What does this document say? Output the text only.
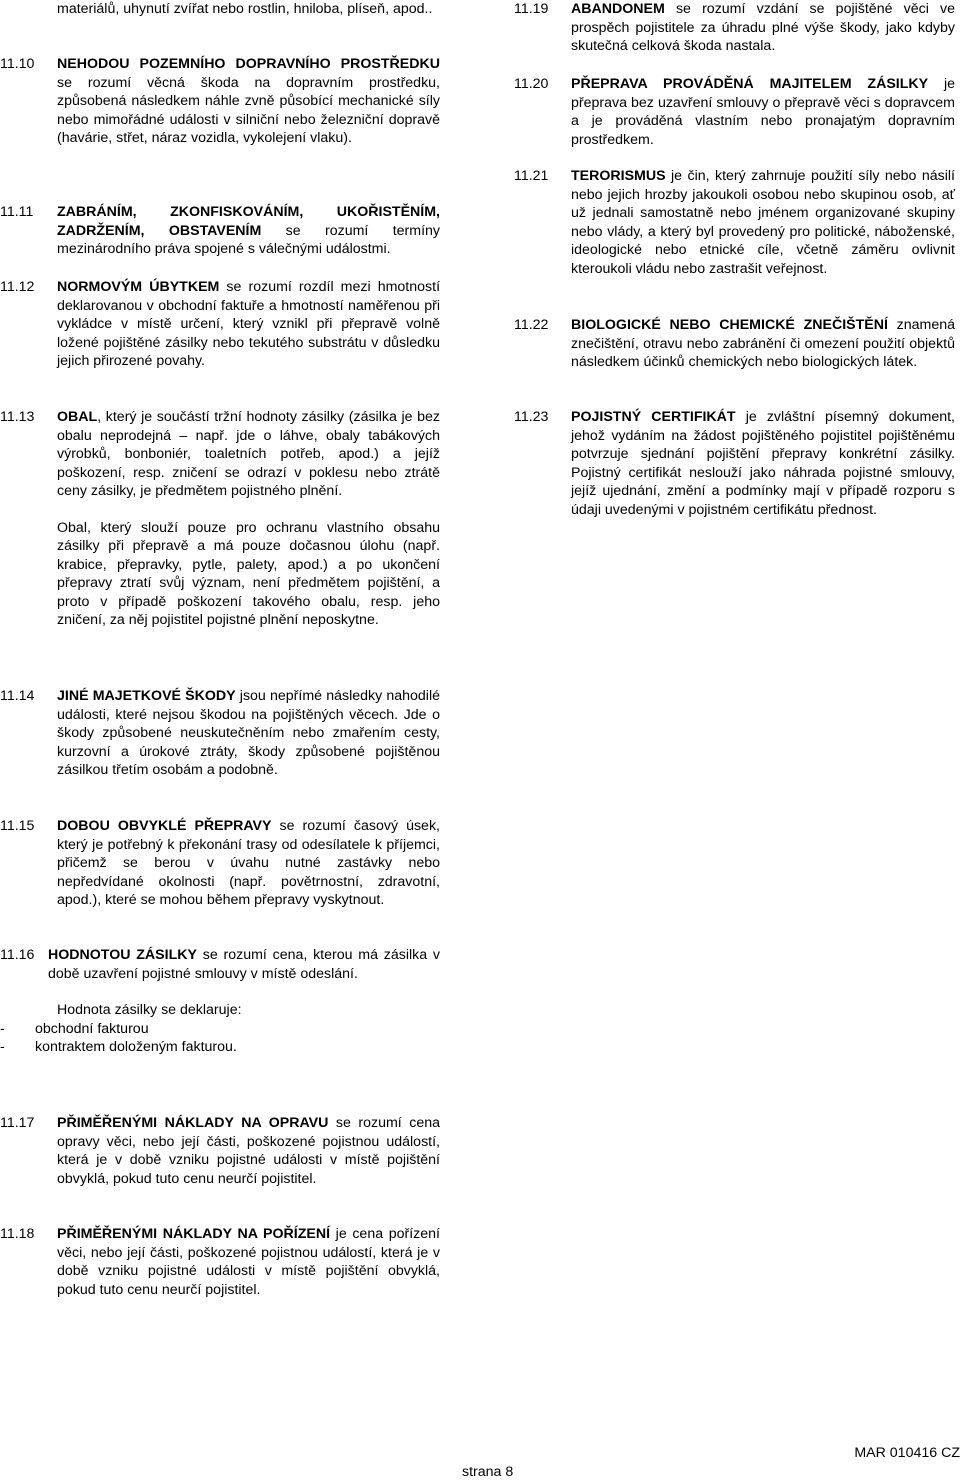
materiálů, uhynutí zvířat nebo rostlin, hniloba, plíseň, apod..
11.10 NEHODOU POZEMNÍHO DOPRAVNÍHO PROSTŘEDKU se rozumí věcná škoda na dopravním prostředku, způsobená následkem náhle zvně působící mechanické síly nebo mimořádné události v silniční nebo železniční dopravě (havárie, střet, náraz vozidla, vykolejení vlaku).
11.11 ZABRÁNÍM, ZKONFISKOVÁNÍM, UKOŘISTĚNÍM, ZADRŽENÍM, OBSTAVENÍM se rozumí termíny mezinárodního práva spojené s válečnými událostmi.
11.12 NORMOVÝM ÚBYTKEM se rozumí rozdíl mezi hmotností deklarovanou v obchodní faktuře a hmotností naměřenou při vykládce v místě určení, který vznikl při přepravě volně ložené pojištěné zásilky nebo tekutého substrátu v důsledku jejich přirozené povahy.
11.13 OBAL, který je součástí tržní hodnoty zásilky (zásilka je bez obalu neprodejná – např. jde o láhve, obaly tabákových výrobků, bonboniér, toaletních potřeb, apod.) a jejíž poškození, resp. zničení se odrazí v poklesu nebo ztrátě ceny zásilky, je předmětem pojistného plnění.
Obal, který slouží pouze pro ochranu vlastního obsahu zásilky při přepravě a má pouze dočasnou úlohu (např. krabice, přepravky, pytle, palety, apod.) a po ukončení přepravy ztratí svůj význam, není předmětem pojištění, a proto v případě poškození takového obalu, resp. jeho zničení, za něj pojistitel pojistné plnění neposkytne.
11.14 JINÉ MAJETKOVÉ ŠKODY jsou nepřímé následky nahodilé události, které nejsou škodou na pojištěných věcech. Jde o škody způsobené neuskutečněním nebo zmařením cesty, kurzovní a úrokové ztráty, škody způsobené pojištěnou zásilkou třetím osobám a podobně.
11.15 DOBOU OBVYKLÉ PŘEPRAVY se rozumí časový úsek, který je potřebný k překonání trasy od odesílatele k příjemci, přičemž se berou v úvahu nutné zastávky nebo nepředvídané okolnosti (např. povětrnostní, zdravotní, apod.), které se mohou během přepravy vyskytnout.
11.16 HODNOTOU ZÁSILKY se rozumí cena, kterou má zásilka v době uzavření pojistné smlouvy v místě odeslání.
Hodnota zásilky se deklaruje:
- obchodní fakturou
- kontraktem doloženým fakturou.
11.17 PŘIMĚŘENÝMI NÁKLADY NA OPRAVU se rozumí cena opravy věci, nebo její části, poškozené pojistnou událostí, která je v době vzniku pojistné události v místě pojištění obvyklá, pokud tuto cenu neurčí pojistitel.
11.18 PŘIMĚŘENÝMI NÁKLADY NA POŘÍZENÍ je cena pořízení věci, nebo její části, poškozené pojistnou událostí, která je v době vzniku pojistné události v místě pojištění obvyklá, pokud tuto cenu neurčí pojistitel.
11.19 ABANDONEM se rozumí vzdání se pojištěné věci ve prospěch pojistitele za úhradu plné výše škody, jako kdyby skutečná celková škoda nastala.
11.20 PŘEPRAVA PROVÁDĚNÁ MAJITELEM ZÁSILKY je přeprava bez uzavření smlouvy o přepravě věci s dopravcem a je prováděná vlastním nebo pronajatým dopravním prostředkem.
11.21 TERORISMUS je čin, který zahrnuje použití síly nebo násilí nebo jejich hrozby jakoukoli osobou nebo skupinou osob, ať už jednali samostatně nebo jménem organizované skupiny nebo vlády, a který byl provedený pro politické, náboženské, ideologické nebo etnické cíle, včetně záměru ovlivnit kteroukoli vládu nebo zastrašit veřejnost.
11.22 BIOLOGICKÉ NEBO CHEMICKÉ ZNEČIŠTĚNÍ znamená znečištění, otravu nebo zabránění či omezení použití objektů následkem účinků chemických nebo biologických látek.
11.23 POJISTNÝ CERTIFIKÁT je zvláštní písemný dokument, jehož vydáním na žádost pojištěného pojistitel pojištěnému potvrzuje sjednání pojištění přepravy konkrétní zásilky. Pojistný certifikát neslouží jako náhrada pojistné smlouvy, jejíž ujednání, změní a podmínky mají v případě rozporu s údaji uvedenými v pojistném certifikátu přednost.
strana 8
MAR 010416 CZ
